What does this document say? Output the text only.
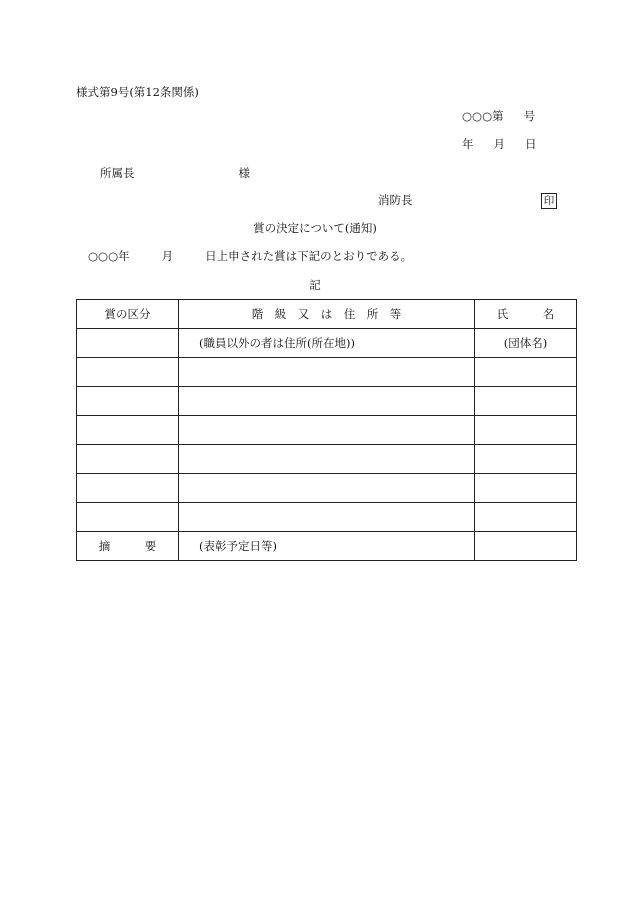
様式第9号(第12条関係)
○○○第 号
年 月 日
所属長	様
消防長	印
賞の決定について(通知)
○○○年	月	日上申された賞は下記のとおりである。
記
賞の区分	階　級　又　は　住　所　等	氏　　　名
	(職員以外の者は住所(所在地))	(団体名)

摘　　　要	(表彰予定日等)	
